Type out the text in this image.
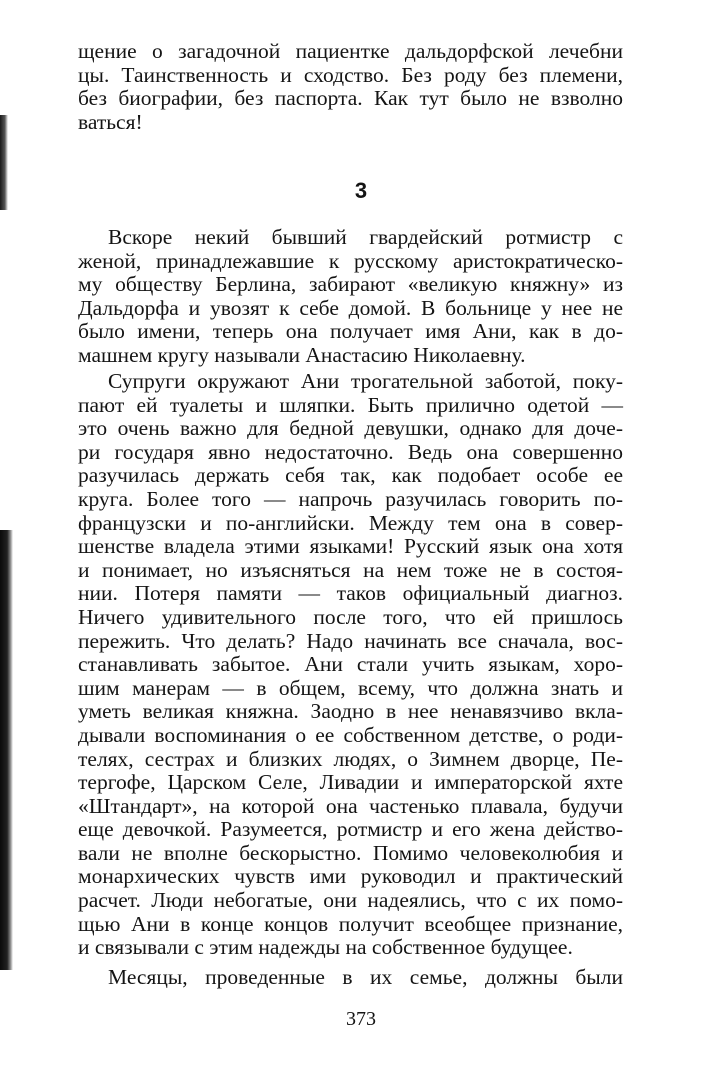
щение о загадочной пациентке дальдорфской лечебни
цы. Таинственность и сходство. Без роду без племени,
без биографии, без паспорта. Как тут было не взволно
ваться!
3
Вскоре некий бывший гвардейский ротмистр с
женой, принадлежавшие к русскому аристократическо-
му обществу Берлина, забирают «великую княжну» из
Дальдорфа и увозят к себе домой. В больнице у нее не
было имени, теперь она получает имя Ани, как в до-
машнем кругу называли Анастасию Николаевну.
Супруги окружают Ани трогательной заботой, поку-
пают ей туалеты и шляпки. Быть прилично одетой —
это очень важно для бедной девушки, однако для доче-
ри государя явно недостаточно. Ведь она совершенно
разучилась держать себя так, как подобает особе ее
круга. Более того — напрочь разучилась говорить по-
французски и по-английски. Между тем она в совер-
шенстве владела этими языками! Русский язык она хотя
и понимает, но изъясняться на нем тоже не в состоя-
нии. Потеря памяти — таков официальный диагноз.
Ничего удивительного после того, что ей пришлось
пережить. Что делать? Надо начинать все сначала, вос-
станавливать забытое. Ани стали учить языкам, хоро-
шим манерам — в общем, всему, что должна знать и
уметь великая княжна. Заодно в нее ненавязчиво вкла-
дывали воспоминания о ее собственном детстве, о роди-
телях, сестрах и близких людях, о Зимнем дворце, Пе-
тергофе, Царском Селе, Ливадии и императорской яхте
«Штандарт», на которой она частенько плавала, будучи
еще девочкой. Разумеется, ротмистр и его жена действо-
вали не вполне бескорыстно. Помимо человеколюбия и
монархических чувств ими руководил и практический
расчет. Люди небогатые, они надеялись, что с их помо-
щью Ани в конце концов получит всеобщее признание,
и связывали с этим надежды на собственное будущее.
Месяцы, проведенные в их семье, должны были
373
